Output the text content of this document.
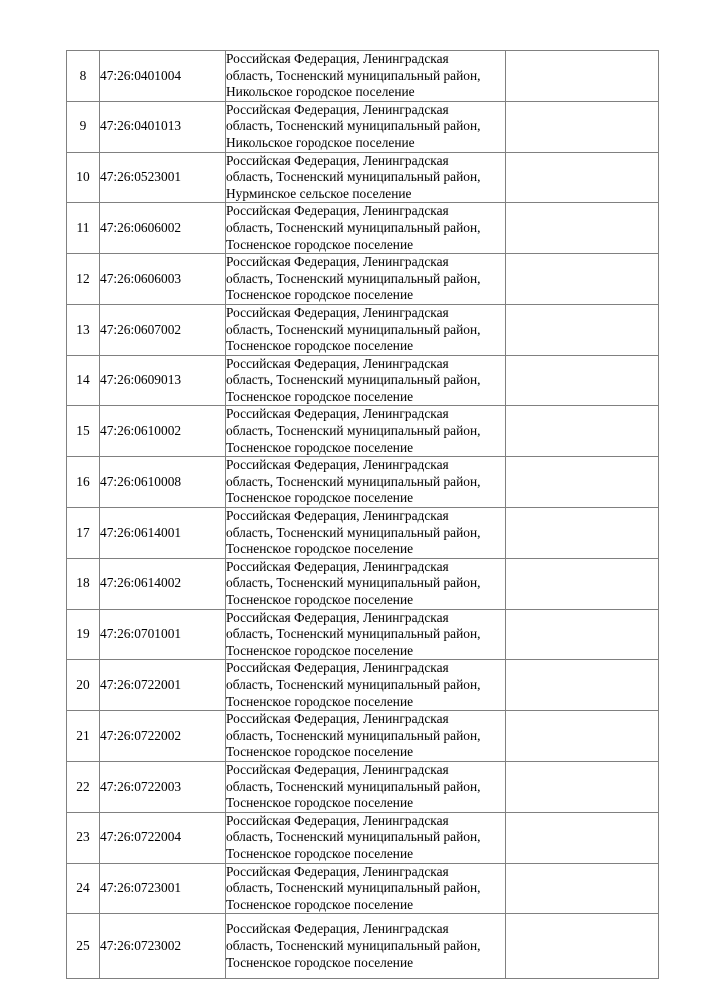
8	47:26:0401004	Российская Федерация, Ленинградская
область, Тосненский муниципальный район,
Никольское городское поселение	

9	47:26:0401013	Российская Федерация, Ленинградская
область, Тосненский муниципальный район,
Никольское городское поселение	

10	47:26:0523001	Российская Федерация, Ленинградская
область, Тосненский муниципальный район,
Нурминское сельское поселение	

11	47:26:0606002	Российская Федерация, Ленинградская
область, Тосненский муниципальный район,
Тосненское городское поселение	

12	47:26:0606003	Российская Федерация, Ленинградская
область, Тосненский муниципальный район,
Тосненское городское поселение	

13	47:26:0607002	Российская Федерация, Ленинградская
область, Тосненский муниципальный район,
Тосненское городское поселение	

14	47:26:0609013	Российская Федерация, Ленинградская
область, Тосненский муниципальный район,
Тосненское городское поселение	

15	47:26:0610002	Российская Федерация, Ленинградская
область, Тосненский муниципальный район,
Тосненское городское поселение	

16	47:26:0610008	Российская Федерация, Ленинградская
область, Тосненский муниципальный район,
Тосненское городское поселение	

17	47:26:0614001	Российская Федерация, Ленинградская
область, Тосненский муниципальный район,
Тосненское городское поселение	

18	47:26:0614002	Российская Федерация, Ленинградская
область, Тосненский муниципальный район,
Тосненское городское поселение	

19	47:26:0701001	Российская Федерация, Ленинградская
область, Тосненский муниципальный район,
Тосненское городское поселение	

20	47:26:0722001	Российская Федерация, Ленинградская
область, Тосненский муниципальный район,
Тосненское городское поселение	

21	47:26:0722002	Российская Федерация, Ленинградская
область, Тосненский муниципальный район,
Тосненское городское поселение	

22	47:26:0722003	Российская Федерация, Ленинградская
область, Тосненский муниципальный район,
Тосненское городское поселение	

23	47:26:0722004	Российская Федерация, Ленинградская
область, Тосненский муниципальный район,
Тосненское городское поселение	

24	47:26:0723001	Российская Федерация, Ленинградская
область, Тосненский муниципальный район,
Тосненское городское поселение	

25	47:26:0723002	Российская Федерация, Ленинградская
область, Тосненский муниципальный район,
Тосненское городское поселение	
